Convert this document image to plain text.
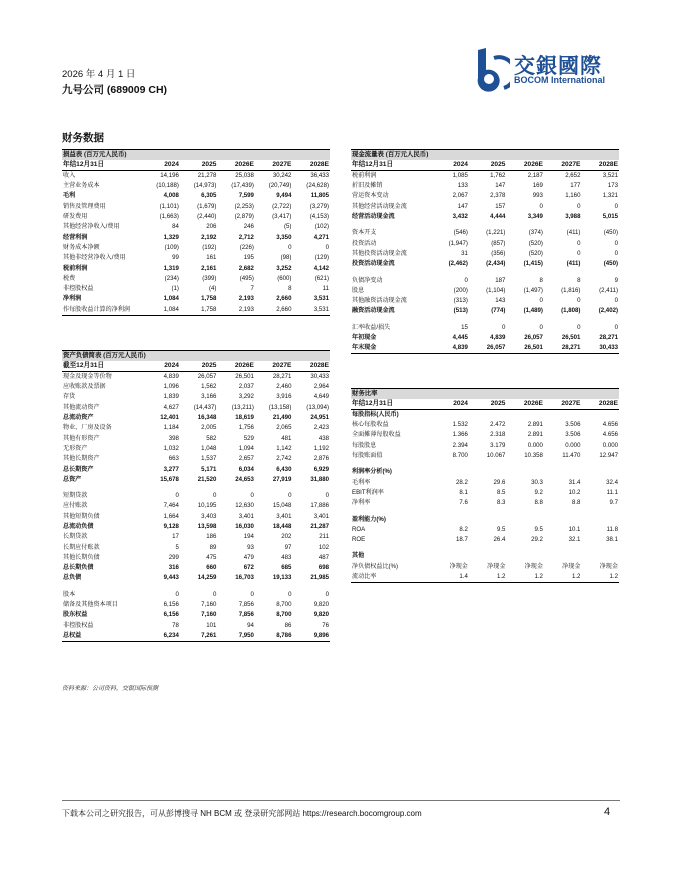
2026 年 4 月 1 日
九号公司 (689009 CH)
交銀國際
BOCOM International
财务数据
损益表 (百万元人民币)					
年结12月31日	2024	2025	2026E	2027E	2028E
收入	14,196	21,278	25,038	30,242	36,433
主营业务成本	(10,188)	(14,973)	(17,439)	(20,749)	(24,628)
毛利	4,008	6,305	7,599	9,494	11,805
销售及管理费用	(1,101)	(1,679)	(2,253)	(2,722)	(3,279)
研发费用	(1,663)	(2,440)	(2,879)	(3,417)	(4,153)
其他经营净收入/费用	84	206	246	(5)	(102)
经营利润	1,329	2,192	2,712	3,350	4,271
财务成本净额	(109)	(192)	(226)	0	0
其他非经营净收入/费用	99	161	195	(98)	(129)
税前利润	1,319	2,161	2,682	3,252	4,142
税费	(234)	(399)	(495)	(600)	(621)
非控股权益	(1)	(4)	7	8	11
净利润	1,084	1,758	2,193	2,660	3,531
作每股收益计算的净利润	1,084	1,758	2,193	2,660	3,531
资产负债简表 (百万元人民币)					
截至12月31日	2024	2025	2026E	2027E	2028E
现金及现金等价物	4,839	26,057	26,501	28,271	30,433
应收账款及票据	1,096	1,562	2,037	2,460	2,964
存货	1,839	3,166	3,292	3,916	4,649
其他流动资产	4,627	(14,437)	(13,211)	(13,158)	(13,094)
总流动资产	12,401	16,348	18,619	21,490	24,951
物业、厂房及设备	1,184	2,005	1,756	2,065	2,423
其他有形资产	398	582	529	481	438
无形资产	1,032	1,048	1,094	1,142	1,192
其他长期资产	663	1,537	2,657	2,742	2,876
总长期资产	3,277	5,171	6,034	6,430	6,929
总资产	15,678	21,520	24,653	27,919	31,880

短期贷款	0	0	0	0	0
应付账款	7,464	10,195	12,630	15,048	17,886
其他短期负债	1,664	3,403	3,401	3,401	3,401
总流动负债	9,128	13,598	16,030	18,448	21,287
长期贷款	17	186	194	202	211
长期应付账款	5	89	93	97	102
其他长期负债	299	475	479	483	487
总长期负债	316	660	672	685	698
总负债	9,443	14,259	16,703	19,133	21,985

股本	0	0	0	0	0
储备及其他资本项目	6,156	7,160	7,856	8,700	9,820
股东权益	6,156	7,160	7,856	8,700	9,820
非控股权益	78	101	94	86	76
总权益	6,234	7,261	7,950	8,786	9,896
现金流量表 (百万元人民币)					
年结12月31日	2024	2025	2026E	2027E	2028E
税前利润	1,085	1,762	2,187	2,652	3,521
折旧及摊销	133	147	169	177	173
营运资本变动	2,067	2,378	993	1,160	1,321
其他经营活动现金流	147	157	0	0	0
经营活动现金流	3,432	4,444	3,349	3,988	5,015

资本开支	(546)	(1,221)	(374)	(411)	(450)
投资活动	(1,947)	(857)	(520)	0	0
其他投资活动现金流	31	(356)	(520)	0	0
投资活动现金流	(2,462)	(2,434)	(1,415)	(411)	(450)

负债净变动	0	187	8	8	9
股息	(200)	(1,104)	(1,497)	(1,816)	(2,411)
其他融资活动现金流	(313)	143	0	0	0
融资活动现金流	(513)	(774)	(1,489)	(1,808)	(2,402)

汇率收益/损失	15	0	0	0	0
年初现金	4,445	4,839	26,057	26,501	28,271
年末现金	4,839	26,057	26,501	28,271	30,433
财务比率					
年结12月31日	2024	2025	2026E	2027E	2028E
每股指标(人民币)					
核心每股收益	1.532	2.472	2.891	3.506	4.656
全面摊薄每股收益	1.366	2.318	2.891	3.506	4.656
每股股息	2.394	3.179	0.000	0.000	0.000
每股账面值	8.700	10.067	10.358	11.470	12.947

利润率分析(%)					
毛利率	28.2	29.6	30.3	31.4	32.4
EBIT利润率	8.1	8.5	9.2	10.2	11.1
净利率	7.6	8.3	8.8	8.8	9.7

盈利能力(%)					
ROA	8.2	9.5	9.5	10.1	11.8
ROE	18.7	26.4	29.2	32.1	38.1

其他					
净负债权益比(%)	净现金	净现金	净现金	净现金	净现金
流动比率	1.4	1.2	1.2	1.2	1.2
资料来源：公司资料，交银国际预测
下载本公司之研究报告，可从彭博搜寻 NH BCM 或 登录研究部网站 https://research.bocomgroup.com	4
